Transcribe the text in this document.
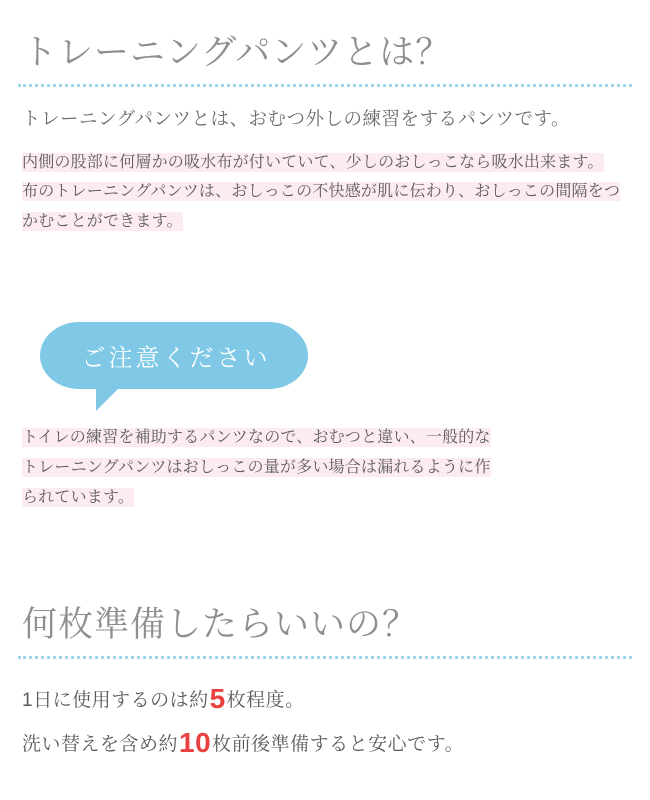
トレーニングパンツとは？

トレーニングパンツとは、おむつ外しの練習をするパンツです。

内側の股部に何層かの吸水布が付いていて、少しのおしっこなら吸水出来ます。
布のトレーニングパンツは、おしっこの不快感が肌に伝わり、おしっこの間隔をつ
かむことができます。

ご注意ください

トイレの練習を補助するパンツなので、おむつと違い、一般的な
トレーニングパンツはおしっこの量が多い場合は漏れるように作
られています。

何枚準備したらいいの？
1日に使用するのは約5枚程度。
洗い替えを含め約10枚前後準備すると安心です。
